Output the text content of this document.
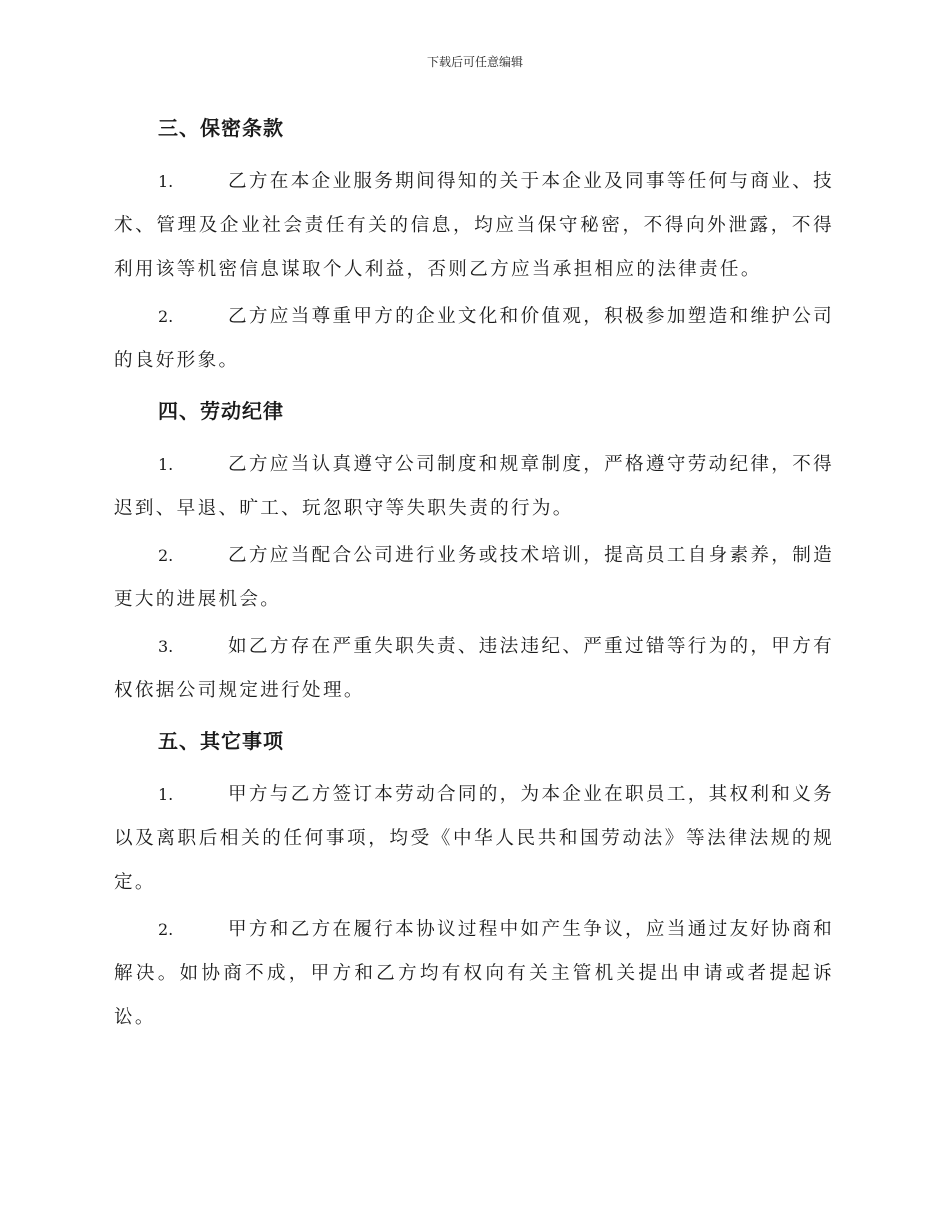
下载后可任意编辑
三、保密条款

1.	乙方在本企业服务期间得知的关于本企业及同事等任何与商业、技术、管理及企业社会责任有关的信息，均应当保守秘密，不得向外泄露，不得利用该等机密信息谋取个人利益，否则乙方应当承担相应的法律责任。

2.	乙方应当尊重甲方的企业文化和价值观，积极参加塑造和维护公司的良好形象。

四、劳动纪律

1.	乙方应当认真遵守公司制度和规章制度，严格遵守劳动纪律，不得迟到、早退、旷工、玩忽职守等失职失责的行为。

2.	乙方应当配合公司进行业务或技术培训，提高员工自身素养，制造更大的进展机会。

3.	如乙方存在严重失职失责、违法违纪、严重过错等行为的，甲方有权依据公司规定进行处理。

五、其它事项

1.	甲方与乙方签订本劳动合同的，为本企业在职员工，其权利和义务以及离职后相关的任何事项，均受《中华人民共和国劳动法》等法律法规的规定。

2.	甲方和乙方在履行本协议过程中如产生争议，应当通过友好协商和解决。如协商不成，甲方和乙方均有权向有关主管机关提出申请或者提起诉讼。
